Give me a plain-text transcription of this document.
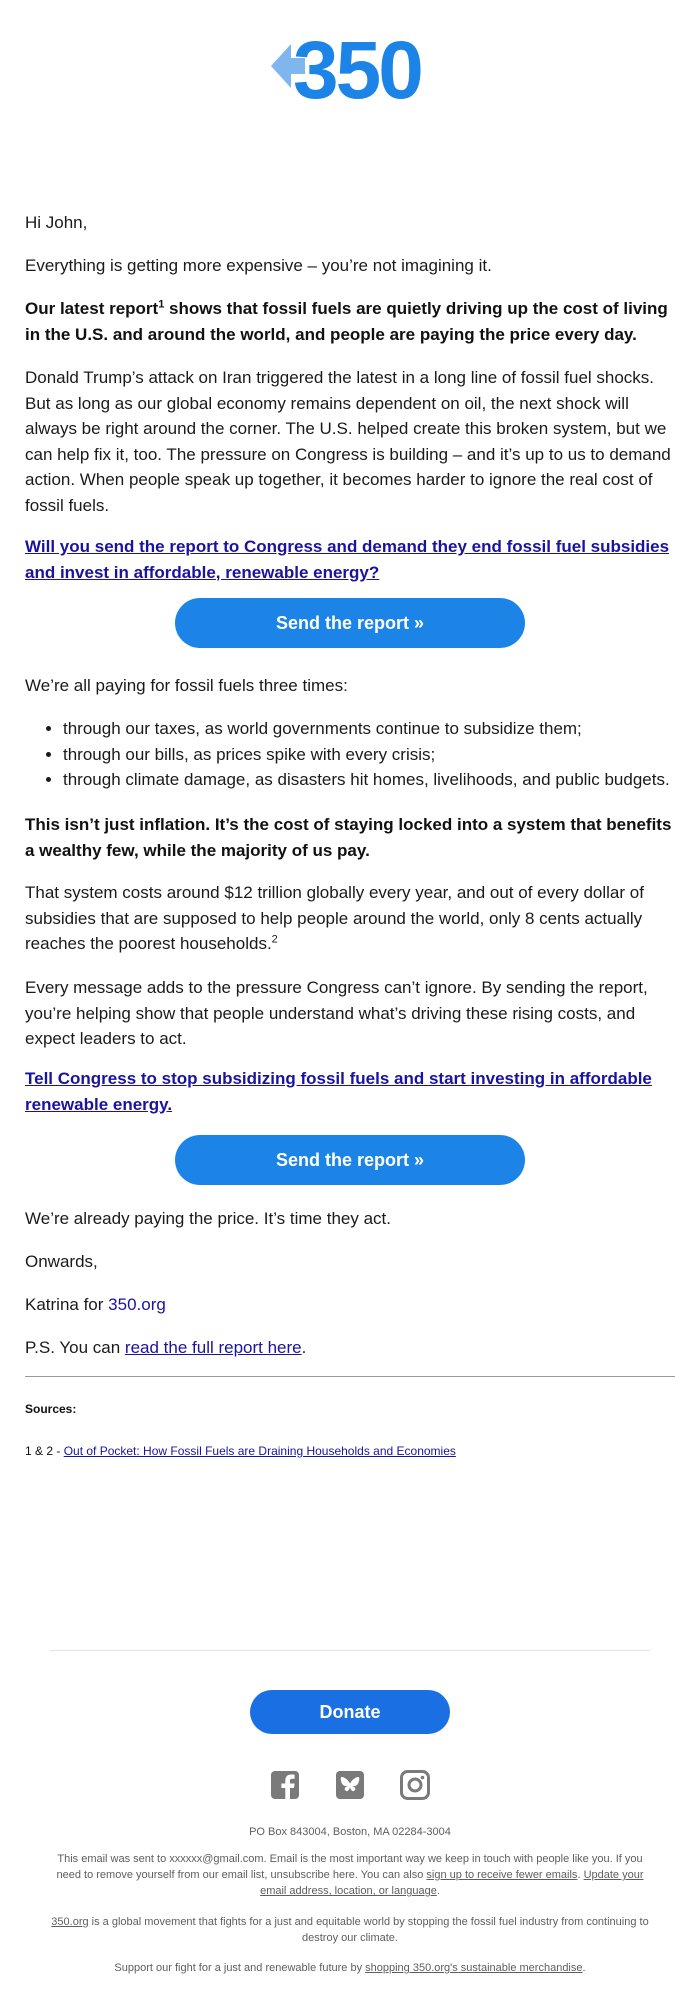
350

Hi John,

Everything is getting more expensive – you’re not imagining it.

Our latest report$^1$ shows that fossil fuels are quietly driving up the cost of living in the U.S. and around the world, and people are paying the price every day.

Donald Trump’s attack on Iran triggered the latest in a long line of fossil fuel shocks. But as long as our global economy remains dependent on oil, the next shock will always be right around the corner. The U.S. helped create this broken system, but we can help fix it, too. The pressure on Congress is building – and it’s up to us to demand action. When people speak up together, it becomes harder to ignore the real cost of fossil fuels.

Will you send the report to Congress and demand they end fossil fuel subsidies and invest in affordable, renewable energy?
Send the report »

We’re all paying for fossil fuels three times:

• through our taxes, as world governments continue to subsidize them;
• through our bills, as prices spike with every crisis;
• through climate damage, as disasters hit homes, livelihoods, and public budgets.

This isn’t just inflation. It’s the cost of staying locked into a system that benefits a wealthy few, while the majority of us pay.

That system costs around $12 trillion globally every year, and out of every dollar of subsidies that are supposed to help people around the world, only 8 cents actually reaches the poorest households.$^2$

Every message adds to the pressure Congress can’t ignore. By sending the report, you’re helping show that people understand what’s driving these rising costs, and expect leaders to act.

Tell Congress to stop subsidizing fossil fuels and start investing in affordable renewable energy.
Send the report »

We’re already paying the price. It’s time they act.

Onwards,

Katrina for 350.org

P.S. You can read the full report here.

Sources:
1 & 2 - Out of Pocket: How Fossil Fuels are Draining Households and Economies
Donate
PO Box 843004, Boston, MA 02284-3004
This email was sent to xxxxxx@gmail.com. Email is the most important way we keep in touch with people like you. If you need to remove yourself from our email list, unsubscribe here. You can also sign up to receive fewer emails. Update your email address, location, or language.
350.org is a global movement that fights for a just and equitable world by stopping the fossil fuel industry from continuing to destroy our climate.
Support our fight for a just and renewable future by shopping 350.org's sustainable merchandise.
